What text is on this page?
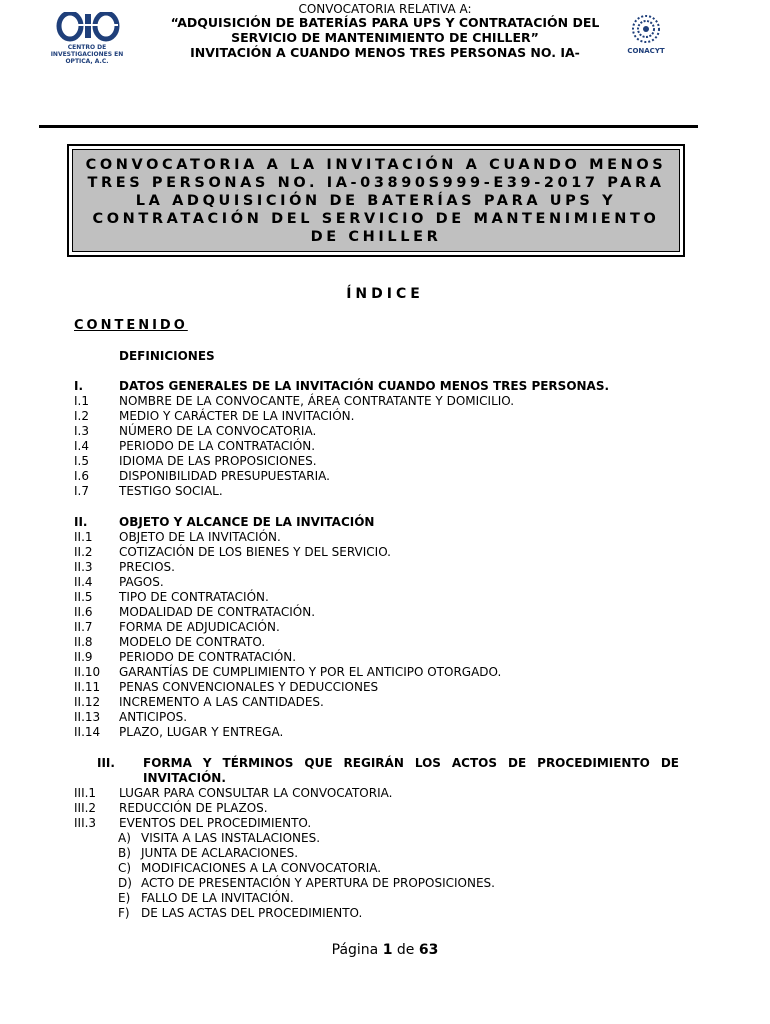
CENTRO DE INVESTIGACIONES EN OPTICA, A.C.
CONACYT
CONVOCATORIA RELATIVA A:
“ADQUISICIÓN DE BATERÍAS PARA UPS Y CONTRATACIÓN DEL
SERVICIO DE MANTENIMIENTO DE CHILLER”
INVITACIÓN A CUANDO MENOS TRES PERSONAS NO. IA-
CONVOCATORIA A LA INVITACIÓN A CUANDO MENOS TRES PERSONAS NO. IA-03890S999-E39-2017 PARA LA ADQUISICIÓN DE BATERÍAS PARA UPS Y CONTRATACIÓN DEL SERVICIO DE MANTENIMIENTO DE CHILLER
ÍNDICE
CONTENIDO
DEFINICIONES
I.	DATOS GENERALES DE LA INVITACIÓN CUANDO MENOS TRES PERSONAS.
I.1	NOMBRE DE LA CONVOCANTE, ÁREA CONTRATANTE Y DOMICILIO.
I.2	MEDIO Y CARÁCTER DE LA INVITACIÓN.
I.3	NÚMERO DE LA CONVOCATORIA.
I.4	PERIODO DE LA CONTRATACIÓN.
I.5	IDIOMA DE LAS PROPOSICIONES.
I.6	DISPONIBILIDAD PRESUPUESTARIA.
I.7	TESTIGO SOCIAL.
II.	OBJETO Y ALCANCE DE LA INVITACIÓN
II.1	OBJETO DE LA INVITACIÓN.
II.2	COTIZACIÓN DE LOS BIENES Y DEL SERVICIO.
II.3	PRECIOS.
II.4	PAGOS.
II.5	TIPO DE CONTRATACIÓN.
II.6	MODALIDAD DE CONTRATACIÓN.
II.7	FORMA DE ADJUDICACIÓN.
II.8	MODELO DE CONTRATO.
II.9	PERIODO DE CONTRATACIÓN.
II.10	GARANTÍAS DE CUMPLIMIENTO Y POR EL ANTICIPO OTORGADO.
II.11	PENAS CONVENCIONALES Y DEDUCCIONES
II.12	INCREMENTO A LAS CANTIDADES.
II.13	ANTICIPOS.
II.14	PLAZO, LUGAR Y ENTREGA.
III. FORMA Y TÉRMINOS QUE REGIRÁN LOS ACTOS DE PROCEDIMIENTO DE
INVITACIÓN.
III.1	LUGAR PARA CONSULTAR LA CONVOCATORIA.
III.2	REDUCCIÓN DE PLAZOS.
III.3	EVENTOS DEL PROCEDIMIENTO.
A) VISITA A LAS INSTALACIONES.
B) JUNTA DE ACLARACIONES.
C) MODIFICACIONES A LA CONVOCATORIA.
D) ACTO DE PRESENTACIÓN Y APERTURA DE PROPOSICIONES.
E) FALLO DE LA INVITACIÓN.
F) DE LAS ACTAS DEL PROCEDIMIENTO.
Página 1 de 63
